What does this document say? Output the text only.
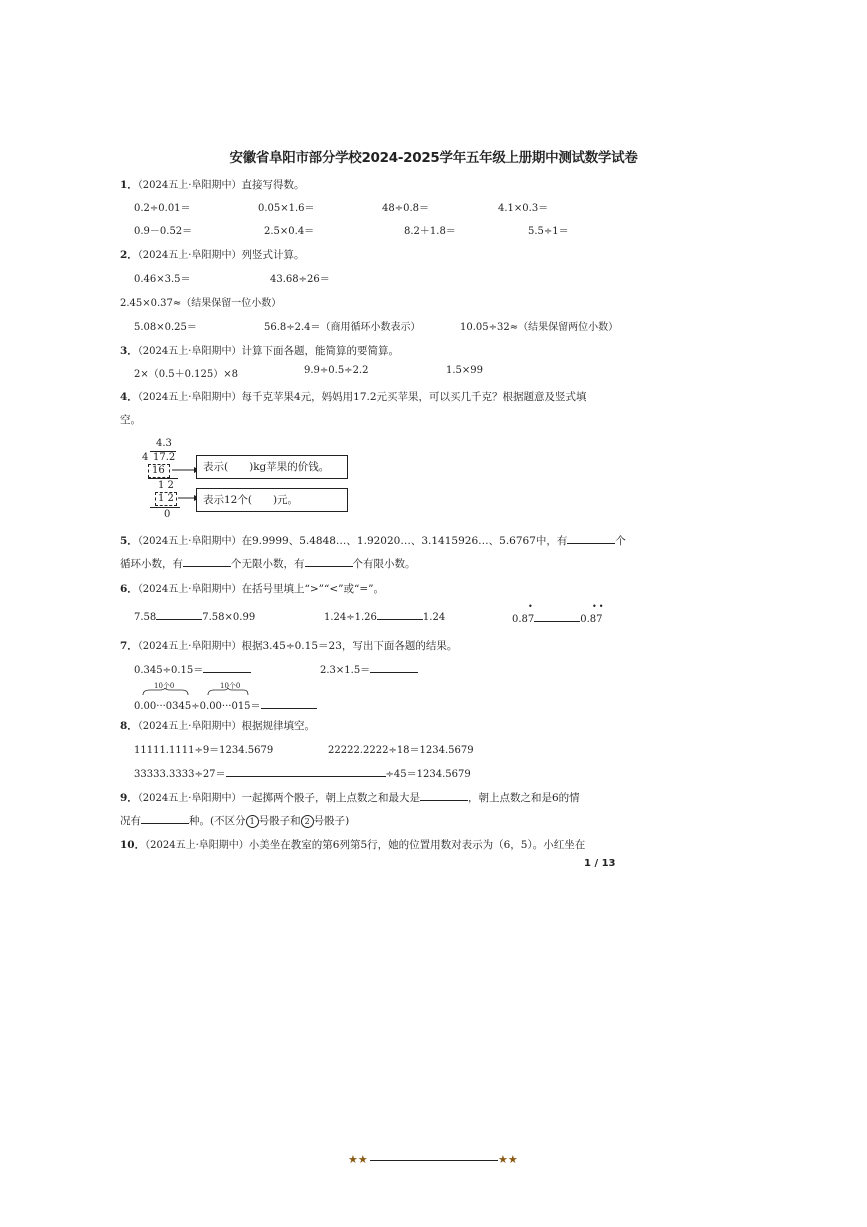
安徽省阜阳市部分学校2024-2025学年五年级上册期中测试数学试卷
1．（2024五上·阜阳期中）直接写得数。
0.2÷0.01＝	0.05×1.6＝	48÷0.8＝	4.1×0.3＝
0.9－0.52＝	2.5×0.4＝	8.2＋1.8＝	5.5÷1＝
2．（2024五上·阜阳期中）列竖式计算。
0.46×3.5＝	43.68÷26＝
2.45×0.37≈（结果保留一位小数）
5.08×0.25＝	56.8÷2.4＝（商用循环小数表示）	10.05÷32≈（结果保留两位小数）
3．（2024五上·阜阳期中）计算下面各题，能简算的要简算。
2×（0.5＋0.125）×8	9.9÷0.5÷2.2	1.5×99
4．（2024五上·阜阳期中）每千克苹果4元，妈妈用17.2元买苹果，可以买几千克？根据题意及竖式填
空。
4.3
4 17.2
16
1 2
1 2
0
表示(　　)kg苹果的价钱。
表示12个(　　)元。
5．（2024五上·阜阳期中）在9.9999、5.4848…、1.92020…、3.1415926…、5.6767中，有	个
循环小数，有	个无限小数，有	个有限小数。
6．（2024五上·阜阳期中）在括号里填上“>”“<”或“=”。
7.58	7.58×0.99	1.24÷1.26	1.24	0.87	0.87
•	••
7．（2024五上·阜阳期中）根据3.45÷0.15＝23，写出下面各题的结果。
0.345÷0.15＝	2.3×1.5＝
10个0	10个0
0.00···0345÷0.00···015＝
8．（2024五上·阜阳期中）根据规律填空。
11111.1111÷9＝1234.5679	22222.2222÷18＝1234.5679
33333.3333÷27＝	÷45＝1234.5679
9．（2024五上·阜阳期中）一起掷两个骰子，朝上点数之和最大是	，朝上点数之和是6的情
况有	种。(不区分 1 号骰子和 2 号骰子)
10．（2024五上·阜阳期中）小美坐在教室的第6列第5行，她的位置用数对表示为（6，5）。小红坐在
1 / 13
★★	★★
